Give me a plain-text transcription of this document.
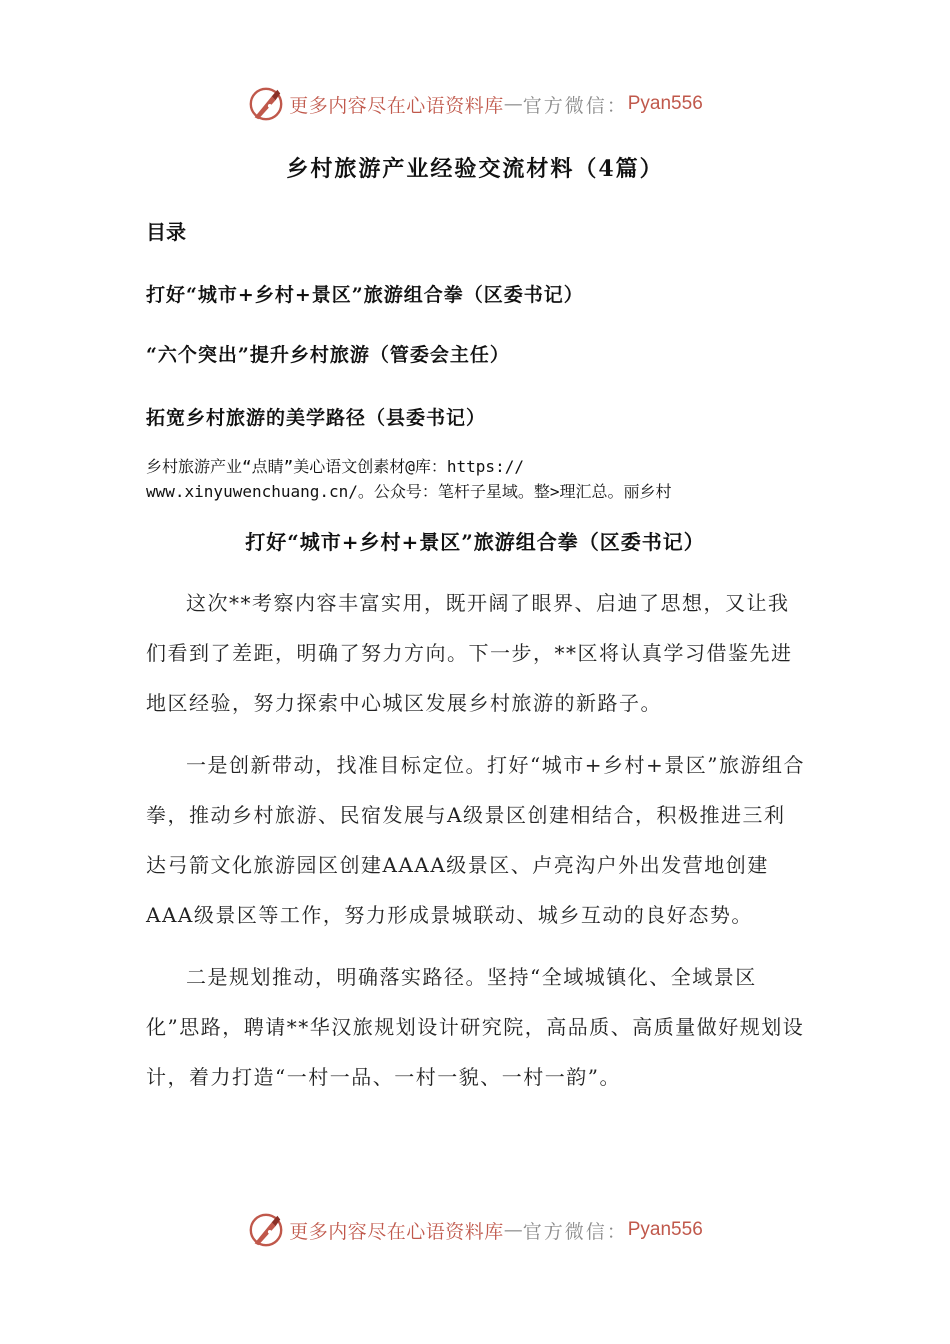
更多内容尽在心语资料库 — 官方微信： Pyan556
乡村旅游产业经验交流材料（4篇）

目录

打好“城市+乡村+景区”旅游组合拳（区委书记）

“六个突出”提升乡村旅游（管委会主任）

拓宽乡村旅游的美学路径（县委书记）

乡村旅游产业“点睛”美心语文创素材@库：https://
www.xinyuwenchuang.cn/。公众号：笔杆子星域。整>理汇总。丽乡村
打好“城市+乡村+景区”旅游组合拳（区委书记）

这次**考察内容丰富实用，既开阔了眼界、启迪了思想，又让我们看到了差距，明确了努力方向。下一步，**区将认真学习借鉴先进地区经验，努力探索中心城区发展乡村旅游的新路子。

一是创新带动，找准目标定位。打好“城市+乡村+景区”旅游组合拳，推动乡村旅游、民宿发展与A级景区创建相结合，积极推进三利达弓箭文化旅游园区创建AAAA级景区、卢亮沟户外出发营地创建AAA级景区等工作，努力形成景城联动、城乡互动的良好态势。

二是规划推动，明确落实路径。坚持“全域城镇化、全域景区化”思路，聘请**华汉旅规划设计研究院，高品质、高质量做好规划设计，着力打造“一村一品、一村一貌、一村一韵”。

更多内容尽在心语资料库 — 官方微信： Pyan556
